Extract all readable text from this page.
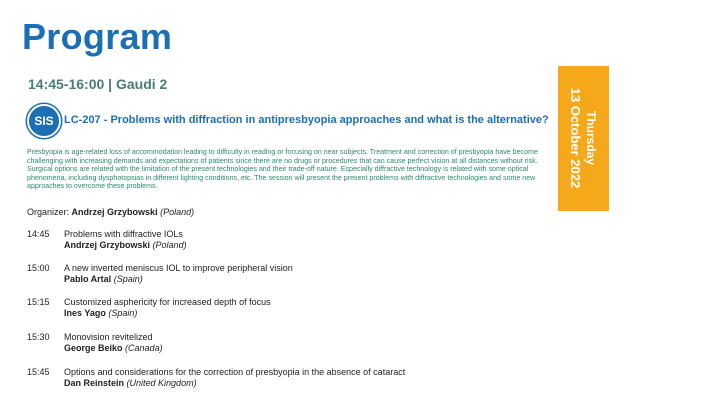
Program
14:45-16:00 | Gaudi 2
SIS LC-207 - Problems with diffraction in antipresbyopia approaches and what is the alternative?

Presbyopia is age-related loss of accommodation leading to difficulty in reading or focusing on near subjects. Treatment and correction of presbyopia have become challenging with increasing demands and expectations of patients since there are no drugs or procedures that can cause perfect vision at all distances without risk. Surgical options are related with the limitation of the present technologies and their trade-off nature. Especially diffractive technology is related with some optical phenomena, including dysphotopsias in different lighting conditions, etc. The session will present the present problems with diffractive technologies and some new approaches to overcome these problems.

Thursday
13 October 2022
Organizer: Andrzej Grzybowski (Poland)
14:45 Problems with diffractive IOLs
Andrzej Grzybowski (Poland)
15:00 A new inverted meniscus IOL to improve peripheral vision
Pablo Artal (Spain)
15:15 Customized asphericity for increased depth of focus
Ines Yago (Spain)
15:30 Monovision revitelized
George Beiko (Canada)
15:45 Options and considerations for the correction of presbyopia in the absence of cataract
Dan Reinstein (United Kingdom)
